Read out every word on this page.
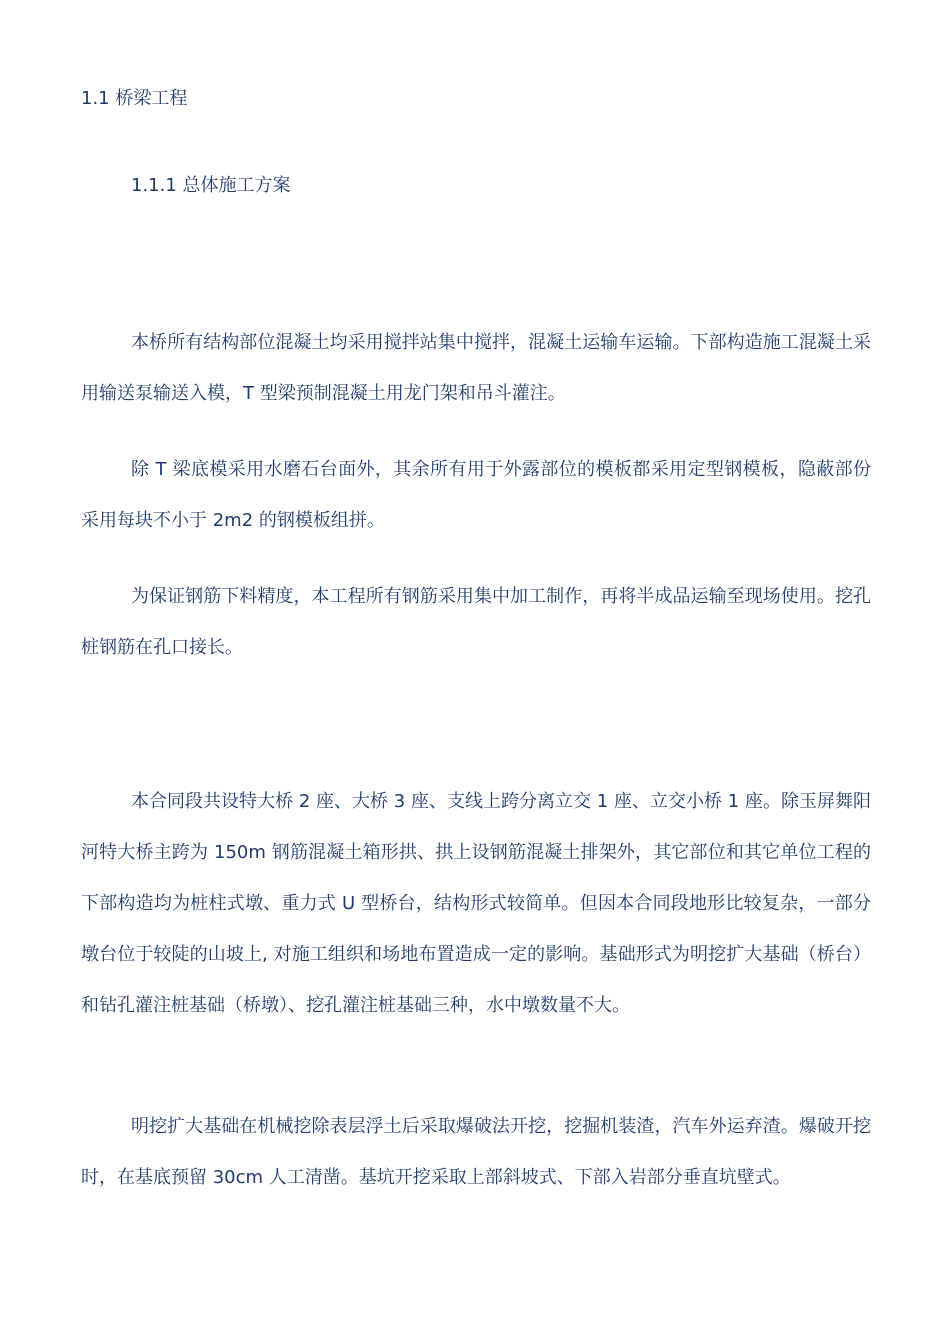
1.1 桥梁工程
1.1.1 总体施工方案

本桥所有结构部位混凝土均采用搅拌站集中搅拌，混凝土运输车运输。下部构造施工混凝土采用输送泵输送入模，T 型梁预制混凝土用龙门架和吊斗灌注。

除 T 梁底模采用水磨石台面外，其余所有用于外露部位的模板都采用定型钢模板，隐蔽部份采用每块不小于 2m2 的钢模板组拼。

为保证钢筋下料精度，本工程所有钢筋采用集中加工制作，再将半成品运输至现场使用。挖孔桩钢筋在孔口接长。

本合同段共设特大桥 2 座、大桥 3 座、支线上跨分离立交 1 座、立交小桥 1 座。除玉屏舞阳河特大桥主跨为 150m 钢筋混凝土箱形拱、拱上设钢筋混凝土排架外，其它部位和其它单位工程的下部构造均为桩柱式墩、重力式 U 型桥台，结构形式较简单。但因本合同段地形比较复杂，一部分墩台位于较陡的山坡上, 对施工组织和场地布置造成一定的影响。基础形式为明挖扩大基础（桥台）和钻孔灌注桩基础（桥墩）、挖孔灌注桩基础三种，水中墩数量不大。

明挖扩大基础在机械挖除表层浮土后采取爆破法开挖，挖掘机装渣，汽车外运弃渣。爆破开挖时，在基底预留 30cm 人工清凿。基坑开挖采取上部斜坡式、下部入岩部分垂直坑壁式。
